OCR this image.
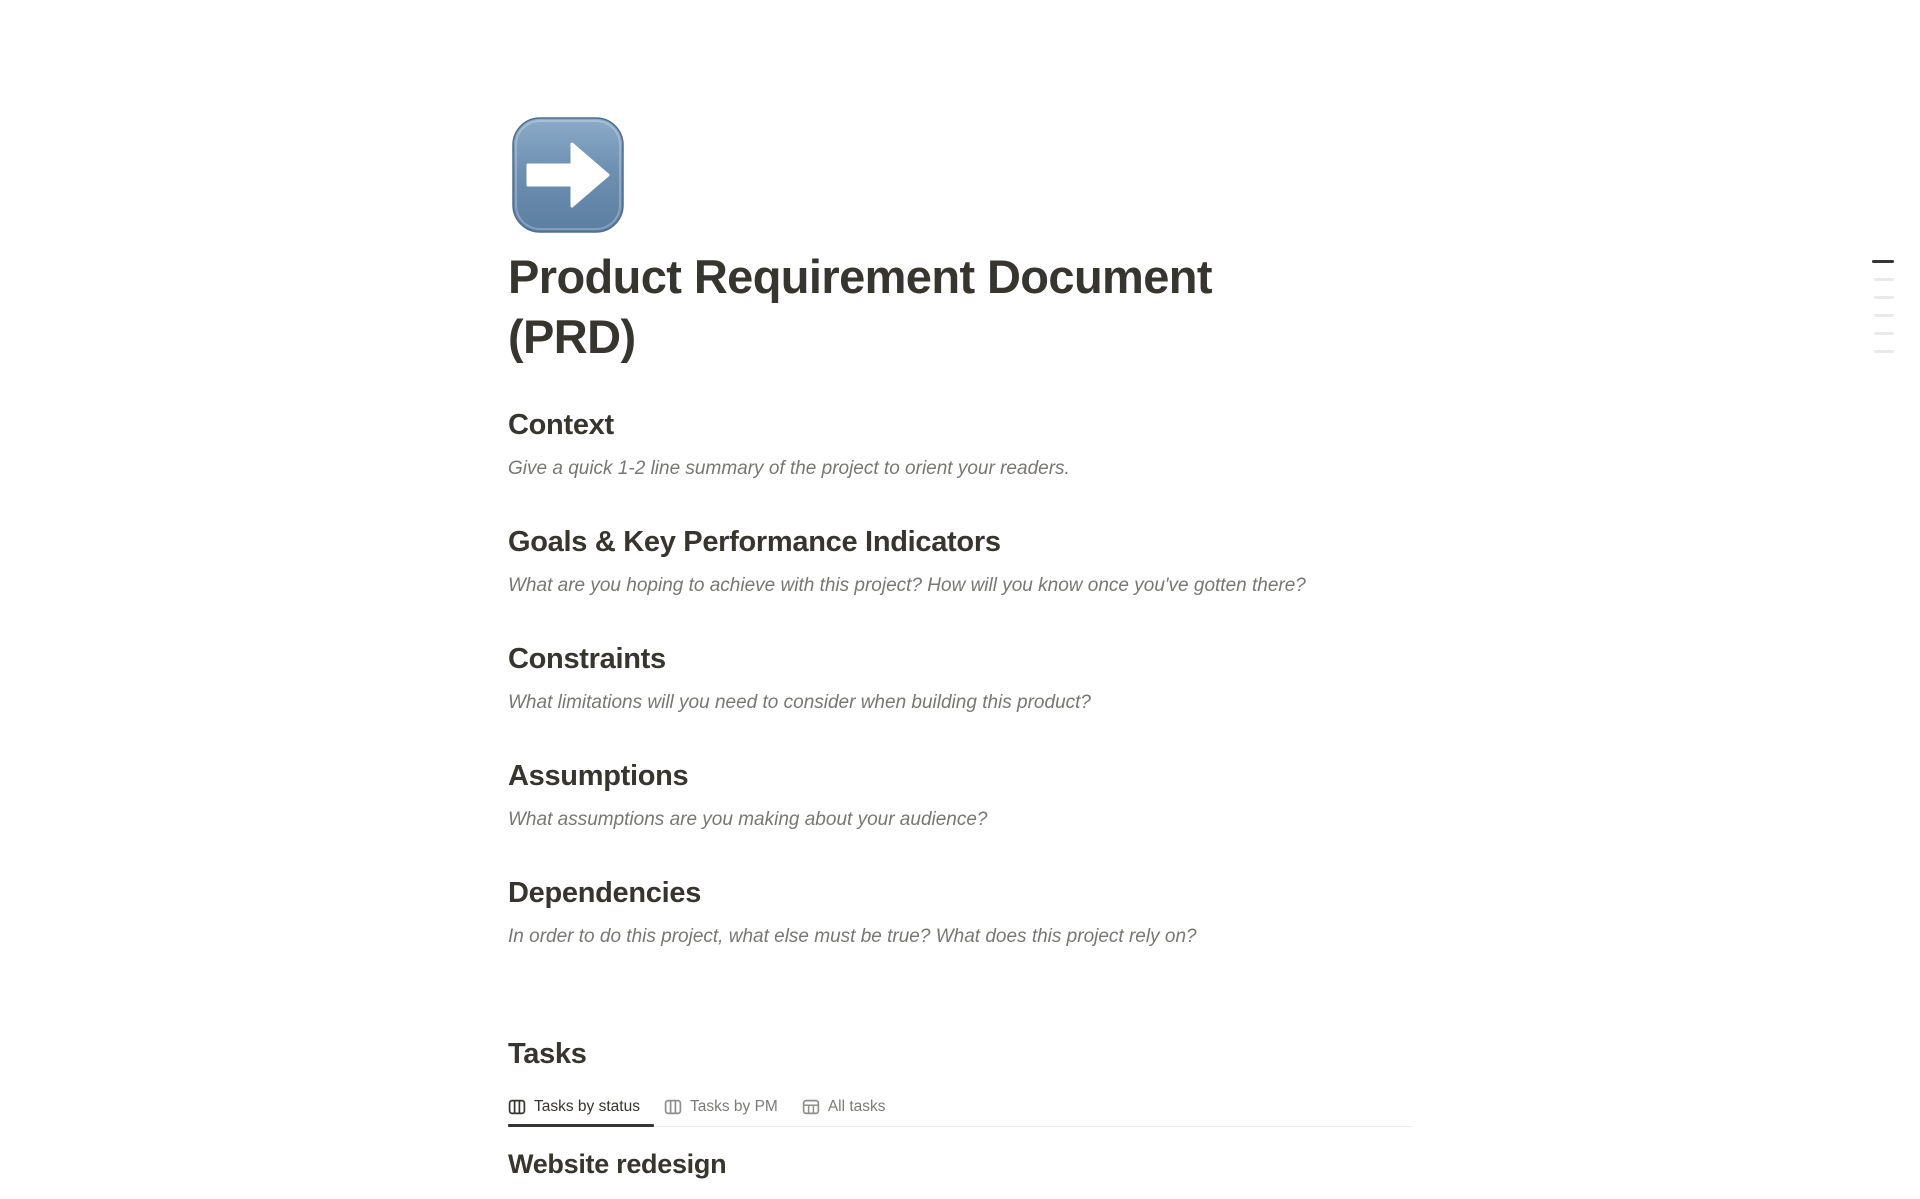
Product Requirement Document (PRD)
Context

Give a quick 1-2 line summary of the project to orient your readers.

Goals & Key Performance Indicators

What are you hoping to achieve with this project? How will you know once you've gotten there?

Constraints

What limitations will you need to consider when building this product?

Assumptions

What assumptions are you making about your audience?

Dependencies

In order to do this project, what else must be true? What does this project rely on?

Tasks
Tasks by status	Tasks by PM	All tasks
Website redesign
